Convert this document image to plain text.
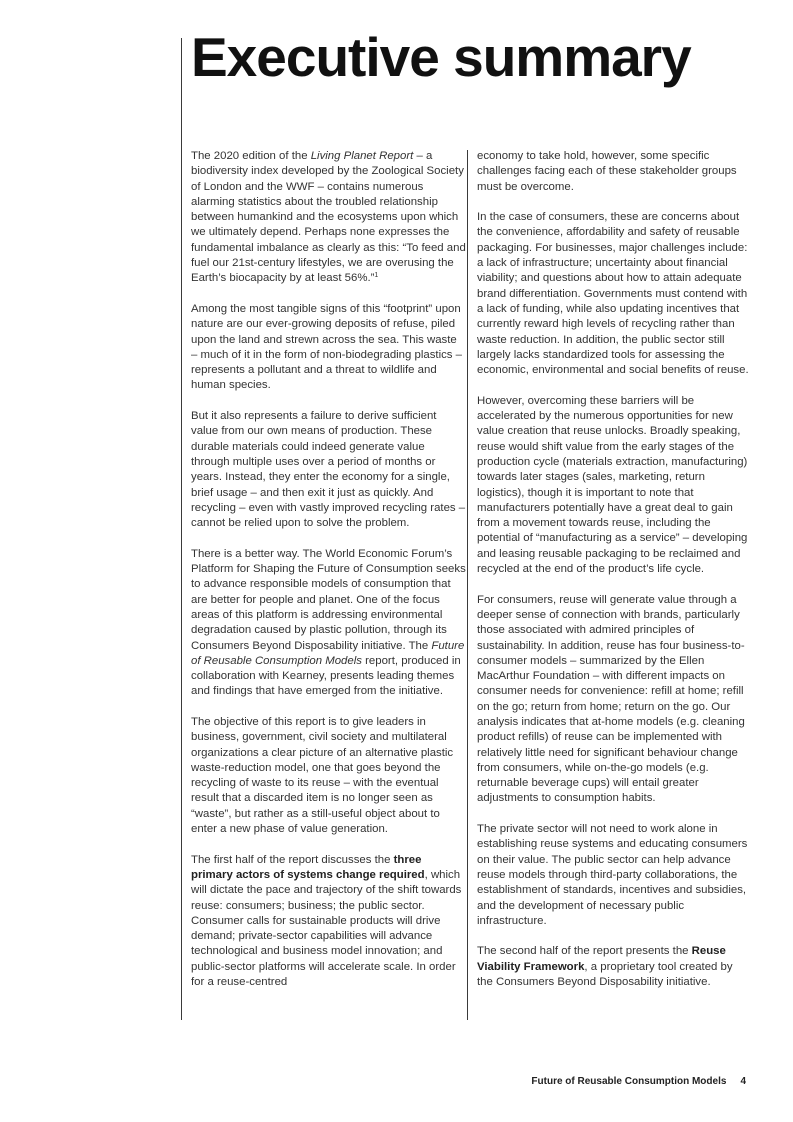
Executive summary

The 2020 edition of the Living Planet Report – a biodiversity index developed by the Zoological Society of London and the WWF – contains numerous alarming statistics about the troubled relationship between humankind and the ecosystems upon which we ultimately depend. Perhaps none expresses the fundamental imbalance as clearly as this: “To feed and fuel our 21st-century lifestyles, we are overusing the Earth’s biocapacity by at least 56%.”$^1$

Among the most tangible signs of this “footprint” upon nature are our ever-growing deposits of refuse, piled upon the land and strewn across the sea. This waste – much of it in the form of non-biodegrading plastics – represents a pollutant and a threat to wildlife and human species.

But it also represents a failure to derive sufficient value from our own means of production. These durable materials could indeed generate value through multiple uses over a period of months or years. Instead, they enter the economy for a single, brief usage – and then exit it just as quickly. And recycling – even with vastly improved recycling rates – cannot be relied upon to solve the problem.

There is a better way. The World Economic Forum’s Platform for Shaping the Future of Consumption seeks to advance responsible models of consumption that are better for people and planet. One of the focus areas of this platform is addressing environmental degradation caused by plastic pollution, through its Consumers Beyond Disposability initiative. The Future of Reusable Consumption Models report, produced in collaboration with Kearney, presents leading themes and findings that have emerged from the initiative.

The objective of this report is to give leaders in business, government, civil society and multilateral organizations a clear picture of an alternative plastic waste-reduction model, one that goes beyond the recycling of waste to its reuse – with the eventual result that a discarded item is no longer seen as “waste”, but rather as a still-useful object about to enter a new phase of value generation.

The first half of the report discusses the three primary actors of systems change required, which will dictate the pace and trajectory of the shift towards reuse: consumers; business; the public sector. Consumer calls for sustainable products will drive demand; private-sector capabilities will advance technological and business model innovation; and public-sector platforms will accelerate scale. In order for a reuse-centred

economy to take hold, however, some specific challenges facing each of these stakeholder groups must be overcome.

In the case of consumers, these are concerns about the convenience, affordability and safety of reusable packaging. For businesses, major challenges include: a lack of infrastructure; uncertainty about financial viability; and questions about how to attain adequate brand differentiation. Governments must contend with a lack of funding, while also updating incentives that currently reward high levels of recycling rather than waste reduction. In addition, the public sector still largely lacks standardized tools for assessing the economic, environmental and social benefits of reuse.

However, overcoming these barriers will be accelerated by the numerous opportunities for new value creation that reuse unlocks. Broadly speaking, reuse would shift value from the early stages of the production cycle (materials extraction, manufacturing) towards later stages (sales, marketing, return logistics), though it is important to note that manufacturers potentially have a great deal to gain from a movement towards reuse, including the potential of “manufacturing as a service” – developing and leasing reusable packaging to be reclaimed and recycled at the end of the product’s life cycle.

For consumers, reuse will generate value through a deeper sense of connection with brands, particularly those associated with admired principles of sustainability. In addition, reuse has four business-to-consumer models – summarized by the Ellen MacArthur Foundation – with different impacts on consumer needs for convenience: refill at home; refill on the go; return from home; return on the go. Our analysis indicates that at-home models (e.g. cleaning product refills) of reuse can be implemented with relatively little need for significant behaviour change from consumers, while on-the-go models (e.g. returnable beverage cups) will entail greater adjustments to consumption habits.

The private sector will not need to work alone in establishing reuse systems and educating consumers on their value. The public sector can help advance reuse models through third-party collaborations, the establishment of standards, incentives and subsidies, and the development of necessary public infrastructure.

The second half of the report presents the Reuse Viability Framework, a proprietary tool created by the Consumers Beyond Disposability initiative.

Future of Reusable Consumption Models 4
